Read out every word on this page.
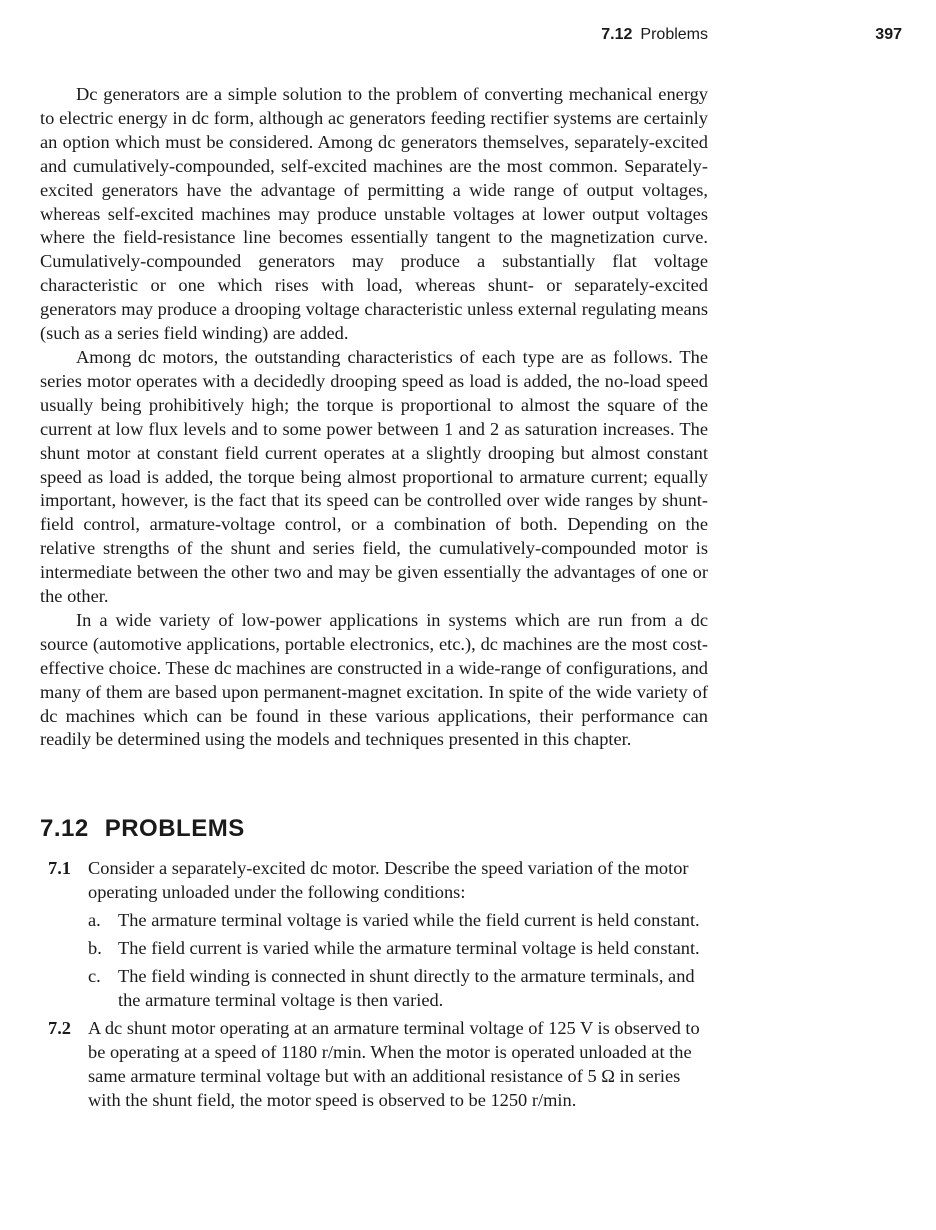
7.12 Problems	397

Dc generators are a simple solution to the problem of converting mechanical energy to electric energy in dc form, although ac generators feeding rectifier systems are certainly an option which must be considered. Among dc generators themselves, separately-excited and cumulatively-compounded, self-excited machines are the most common. Separately-excited generators have the advantage of permitting a wide range of output voltages, whereas self-excited machines may produce unstable voltages at lower output voltages where the field-resistance line becomes essentially tangent to the magnetization curve. Cumulatively-compounded generators may produce a substantially flat voltage characteristic or one which rises with load, whereas shunt- or separately-excited generators may produce a drooping voltage characteristic unless external regulating means (such as a series field winding) are added.

Among dc motors, the outstanding characteristics of each type are as follows. The series motor operates with a decidedly drooping speed as load is added, the no-load speed usually being prohibitively high; the torque is proportional to almost the square of the current at low flux levels and to some power between 1 and 2 as saturation increases. The shunt motor at constant field current operates at a slightly drooping but almost constant speed as load is added, the torque being almost proportional to armature current; equally important, however, is the fact that its speed can be controlled over wide ranges by shunt-field control, armature-voltage control, or a combination of both. Depending on the relative strengths of the shunt and series field, the cumulatively-compounded motor is intermediate between the other two and may be given essentially the advantages of one or the other.

In a wide variety of low-power applications in systems which are run from a dc source (automotive applications, portable electronics, etc.), dc machines are the most cost-effective choice. These dc machines are constructed in a wide-range of configurations, and many of them are based upon permanent-magnet excitation. In spite of the wide variety of dc machines which can be found in these various applications, their performance can readily be determined using the models and techniques presented in this chapter.

7.12 PROBLEMS
7.1 Consider a separately-excited dc motor. Describe the speed variation of the motor operating unloaded under the following conditions:
a. The armature terminal voltage is varied while the field current is held constant.
b. The field current is varied while the armature terminal voltage is held constant.
c. The field winding is connected in shunt directly to the armature terminals, and the armature terminal voltage is then varied.
7.2 A dc shunt motor operating at an armature terminal voltage of 125 V is observed to be operating at a speed of 1180 r/min. When the motor is operated unloaded at the same armature terminal voltage but with an additional resistance of 5 Ω in series with the shunt field, the motor speed is observed to be 1250 r/min.
